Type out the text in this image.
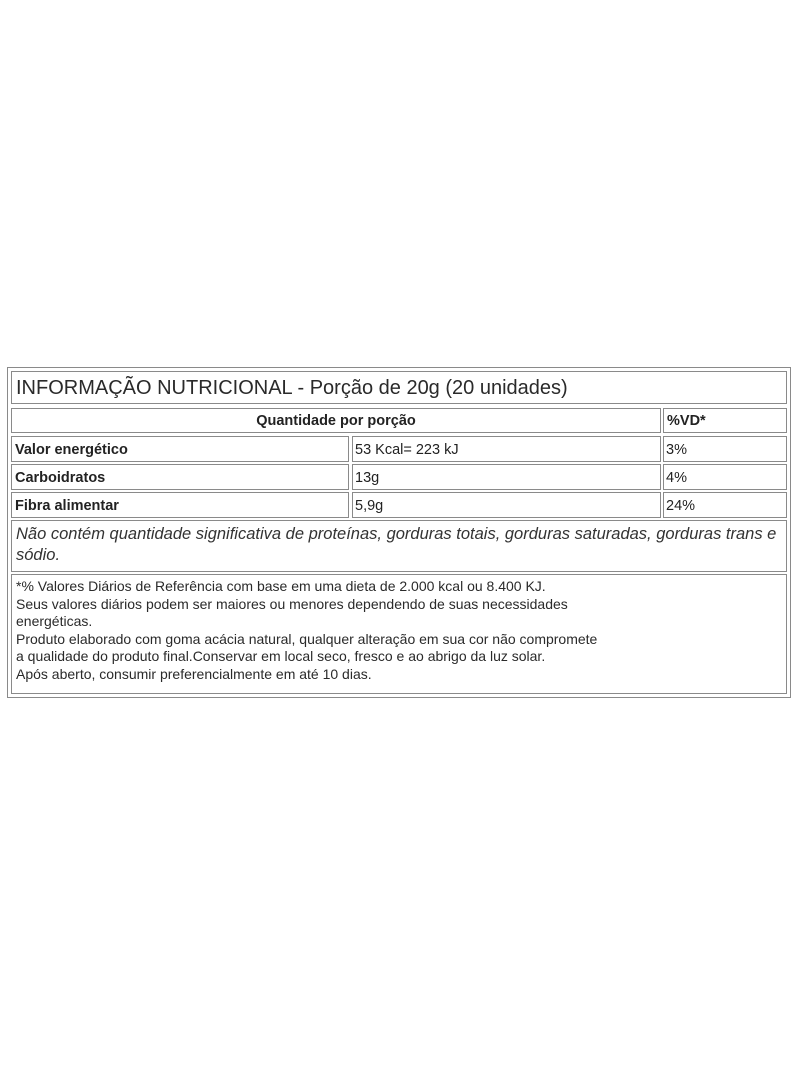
INFORMAÇÃO NUTRICIONAL - Porção de 20g (20 unidades)
Quantidade por porção	%VD*
Valor energético	53 Kcal= 223 kJ	3%
Carboidratos	13g	4%
Fibra alimentar	5,9g	24%
Não contém quantidade significativa de proteínas, gorduras totais, gorduras saturadas, gorduras trans e sódio.
*% Valores Diários de Referência com base em uma dieta de 2.000 kcal ou 8.400 KJ.
Seus valores diários podem ser maiores ou menores dependendo de suas necessidades
energéticas.
Produto elaborado com goma acácia natural, qualquer alteração em sua cor não compromete
a qualidade do produto final.Conservar em local seco, fresco e ao abrigo da luz solar.
Após aberto, consumir preferencialmente em até 10 dias.
